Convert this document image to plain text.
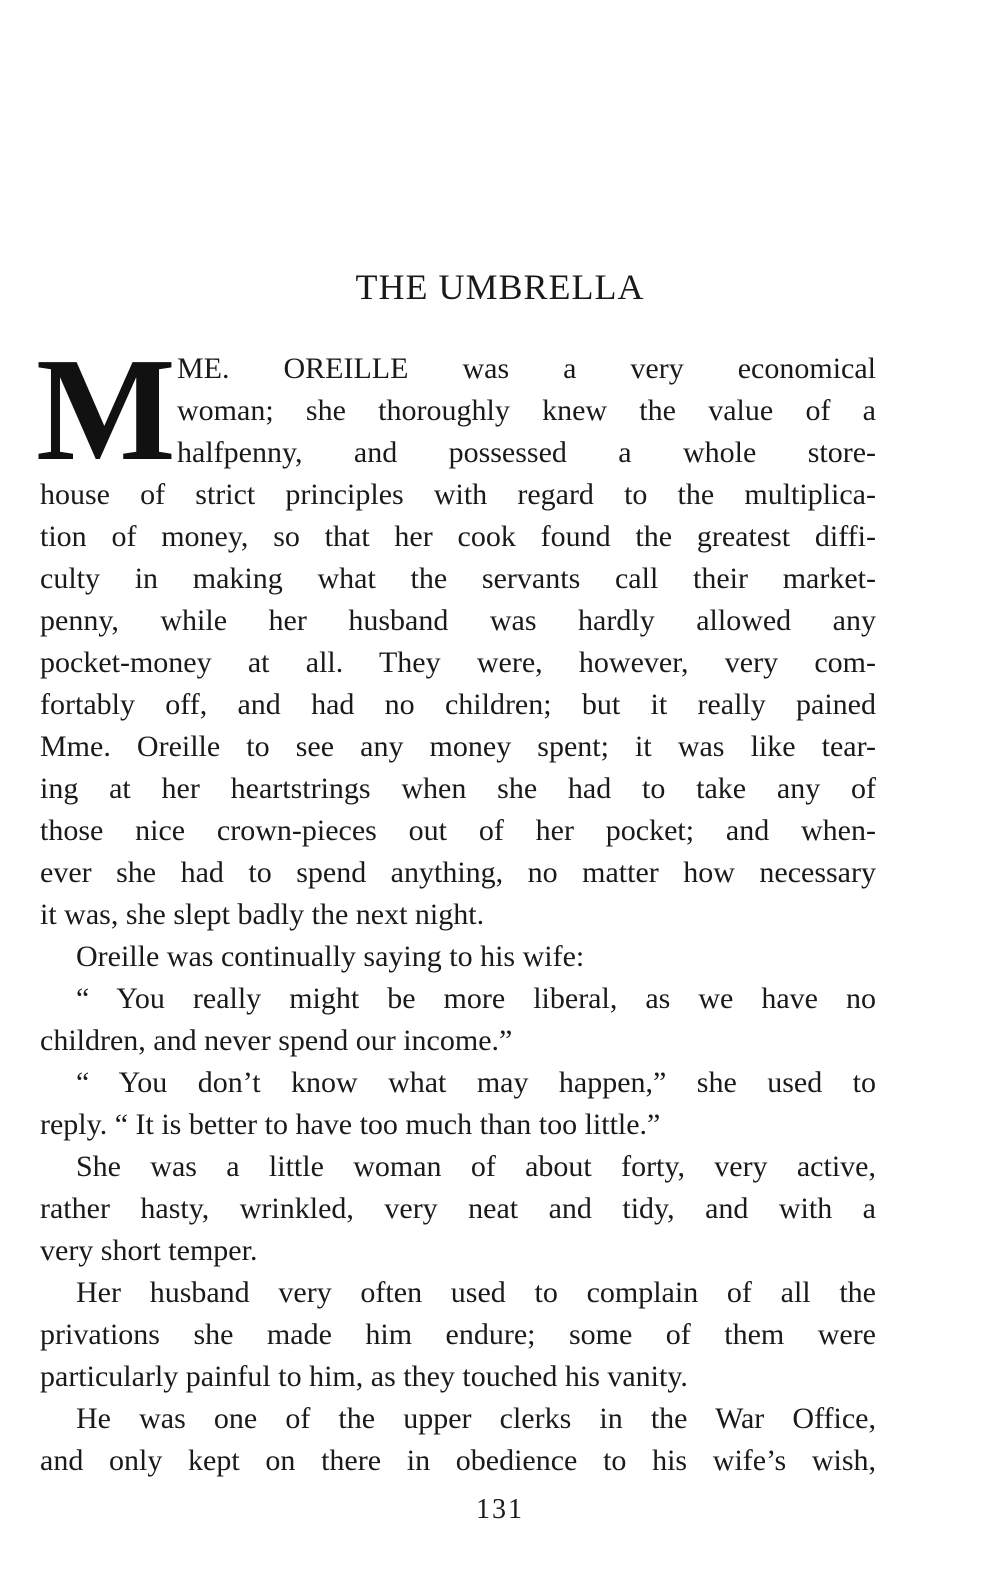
THE UMBRELLA
M ME. OREILLE was a very economical
woman; she thoroughly knew the value of a
halfpenny, and possessed a whole store-
house of strict principles with regard to the multiplica-
tion of money, so that her cook found the greatest diffi-
culty in making what the servants call their market-
penny, while her husband was hardly allowed any
pocket-money at all. They were, however, very com-
fortably off, and had no children; but it really pained
Mme. Oreille to see any money spent; it was like tear-
ing at her heartstrings when she had to take any of
those nice crown-pieces out of her pocket; and when-
ever she had to spend anything, no matter how necessary
it was, she slept badly the next night.
Oreille was continually saying to his wife:
“ You really might be more liberal, as we have no
children, and never spend our income.”
“ You don’t know what may happen,” she used to
reply. “ It is better to have too much than too little.”
She was a little woman of about forty, very active,
rather hasty, wrinkled, very neat and tidy, and with a
very short temper.
Her husband very often used to complain of all the
privations she made him endure; some of them were
particularly painful to him, as they touched his vanity.
He was one of the upper clerks in the War Office,
and only kept on there in obedience to his wife’s wish,
131
